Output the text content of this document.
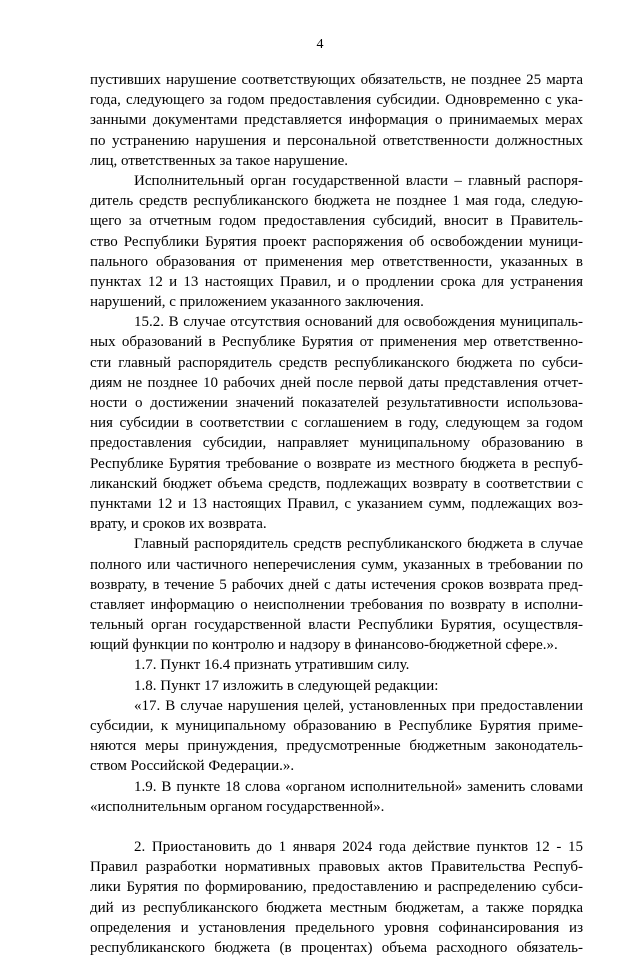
4
пустивших нарушение соответствующих обязательств, не позднее 25 марта
года, следующего за годом предоставления субсидии. Одновременно с ука-
занными документами представляется информация о принимаемых мерах
по устранению нарушения и персональной ответственности должностных
лиц, ответственных за такое нарушение.
Исполнительный орган государственной власти – главный распоря-
дитель средств республиканского бюджета не позднее 1 мая года, следую-
щего за отчетным годом предоставления субсидий, вносит в Правитель-
ство Республики Бурятия проект распоряжения об освобождении муници-
пального образования от применения мер ответственности, указанных в
пунктах 12 и 13 настоящих Правил, и о продлении срока для устранения
нарушений, с приложением указанного заключения.
15.2. В случае отсутствия оснований для освобождения муниципаль-
ных образований в Республике Бурятия от применения мер ответственно-
сти главный распорядитель средств республиканского бюджета по субси-
диям не позднее 10 рабочих дней после первой даты представления отчет-
ности о достижении значений показателей результативности использова-
ния субсидии в соответствии с соглашением в году, следующем за годом
предоставления субсидии, направляет муниципальному образованию в
Республике Бурятия требование о возврате из местного бюджета в респуб-
ликанский бюджет объема средств, подлежащих возврату в соответствии с
пунктами 12 и 13 настоящих Правил, с указанием сумм, подлежащих воз-
врату, и сроков их возврата.
Главный распорядитель средств республиканского бюджета в случае
полного или частичного неперечисления сумм, указанных в требовании по
возврату, в течение 5 рабочих дней с даты истечения сроков возврата пред-
ставляет информацию о неисполнении требования по возврату в исполни-
тельный орган государственной власти Республики Бурятия, осуществля-
ющий функции по контролю и надзору в финансово-бюджетной сфере.».
1.7. Пункт 16.4 признать утратившим силу.
1.8. Пункт 17 изложить в следующей редакции:
«17. В случае нарушения целей, установленных при предоставлении
субсидии, к муниципальному образованию в Республике Бурятия приме-
няются меры принуждения, предусмотренные бюджетным законодатель-
ством Российской Федерации.».
1.9. В пункте 18 слова «органом исполнительной» заменить словами
«исполнительным органом государственной».
2. Приостановить до 1 января 2024 года действие пунктов 12 - 15
Правил разработки нормативных правовых актов Правительства Респуб-
лики Бурятия по формированию, предоставлению и распределению субси-
дий из республиканского бюджета местным бюджетам, а также порядка
определения и установления предельного уровня софинансирования из
республиканского бюджета (в процентах) объема расходного обязатель-
